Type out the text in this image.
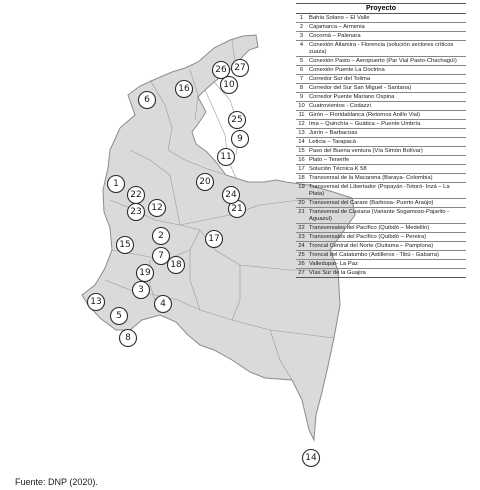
1
2
3
4
5
6
7
8
9
10
11
12
13
14
15
16
17
18
19
20
21
22
23
24
25
26 27
Proyecto
1	Bahía Solano – El Valle
2	Cajamarca – Armenia
3	Cocorná – Palenara
4	Conexión Altamira - Florencia (solución sectores críticos zuaza)
5	Conexión Pasto – Aeropuerto (Par Vial Pasto-Chachagüí)
6	Conexión Puente La Doctrina
7	Corredor Sur del Tolima
8	Corredor del Sur San Miguel - Santana)
9	Corredor Puente Mariano Ospina
10 Cuatrovientos - Codazzi
11 Girón – Floridablanca (Retornos Anillo Vial)
12 Ima – Quinchía – Guática – Puente Umbría
13 Junín – Barbacoas
14 Leticia – Tarapacá
15 Paso del Buena ventura (Vía Simón Bolívar)
16 Plato – Tenerife
17 Solución Técnica K 58
18 Transversal de la Macarena (Baraya- Colombia)
19 Transversal del Libertador (Popayán -Totoró- Inzá – La Plata)
20 Transversal del Carare (Barbosa- Puerto Araújo)
21 Transversal de Cusiana (Variante Sogamoso-Pajarito - Aguazul)
22 Transversales del Pacífico (Quibdó – Medellín)
23 Transversales del Pacífico (Quibdó – Pereira)
24 Troncal Central del Norte (Duitama – Pamplona)
25 Troncal del Catatumbo (Astilleros - Tibú - Gabarra)
26 Valledupar- La Paz
27 Vías Sur de la Guajira
Fuente: DNP (2020).
